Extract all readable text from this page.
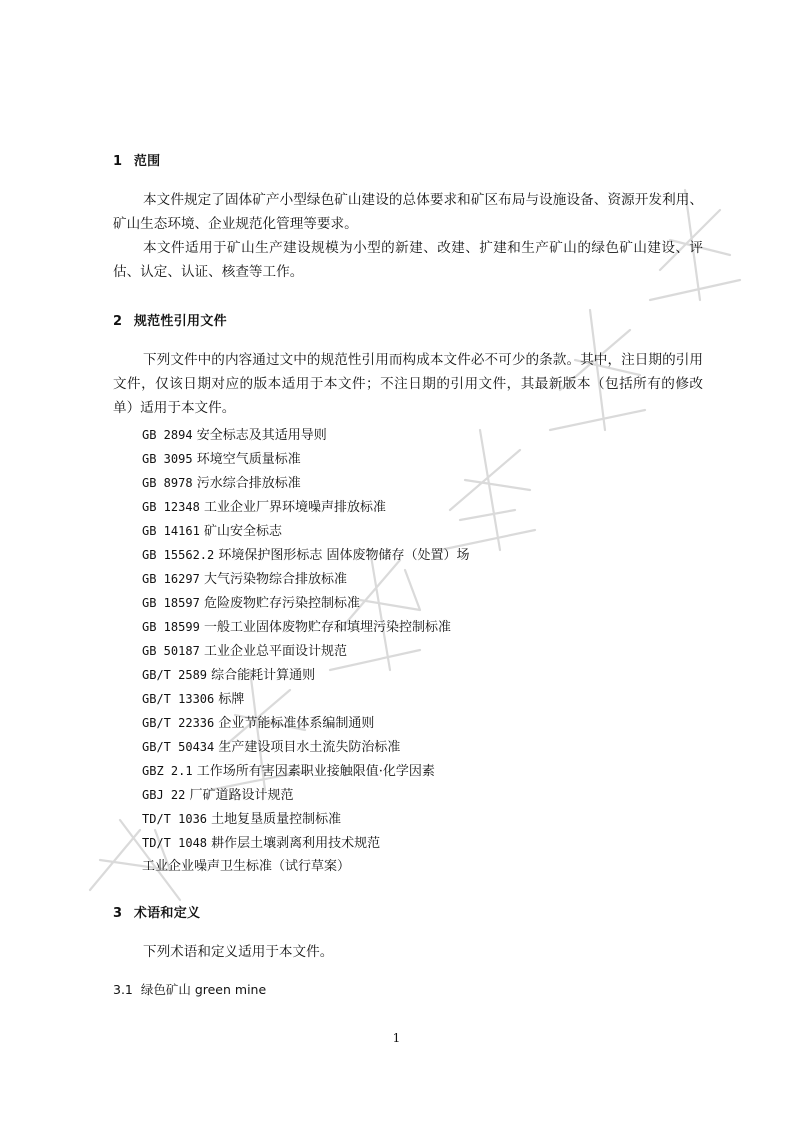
1 范围

本文件规定了固体矿产小型绿色矿山建设的总体要求和矿区布局与设施设备、资源开发利用、矿山生态环境、企业规范化管理等要求。

本文件适用于矿山生产建设规模为小型的新建、改建、扩建和生产矿山的绿色矿山建设、评估、认定、认证、核查等工作。

2 规范性引用文件

下列文件中的内容通过文中的规范性引用而构成本文件必不可少的条款。其中，注日期的引用文件，仅该日期对应的版本适用于本文件；不注日期的引用文件，其最新版本（包括所有的修改单）适用于本文件。

GB 2894 安全标志及其适用导则
GB 3095 环境空气质量标准
GB 8978 污水综合排放标准
GB 12348 工业企业厂界环境噪声排放标准
GB 14161 矿山安全标志
GB 15562.2 环境保护图形标志 固体废物储存（处置）场
GB 16297 大气污染物综合排放标准
GB 18597 危险废物贮存污染控制标准
GB 18599 一般工业固体废物贮存和填埋污染控制标准
GB 50187 工业企业总平面设计规范
GB/T 2589 综合能耗计算通则
GB/T 13306 标牌
GB/T 22336 企业节能标准体系编制通则
GB/T 50434 生产建设项目水土流失防治标准
GBZ 2.1 工作场所有害因素职业接触限值·化学因素
GBJ 22 厂矿道路设计规范
TD/T 1036 土地复垦质量控制标准
TD/T 1048 耕作层土壤剥离利用技术规范
工业企业噪声卫生标准（试行草案）
3 术语和定义

下列术语和定义适用于本文件。

3.1 绿色矿山 green mine
1
